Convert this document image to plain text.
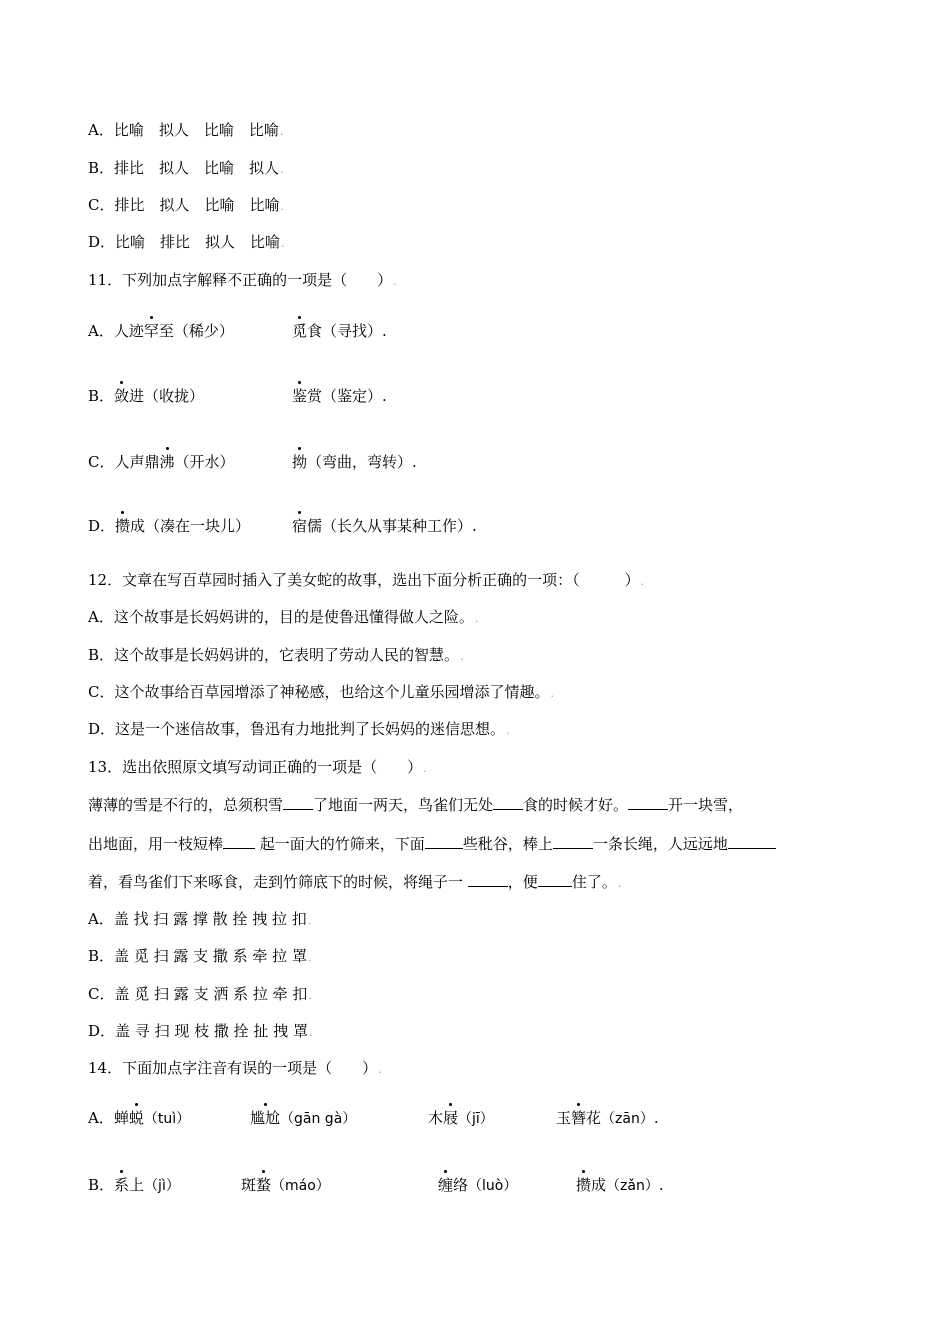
A．比喻　拟人　比喻　比喻.
B．排比　拟人　比喻　拟人.
C．排比　拟人　比喻　比喻.
D．比喻　排比　拟人　比喻.
11．下列加点字解释不正确的一项是（　　）.
A．人迹罕至（稀少）	觅食（寻找）.
B．敛进（收拢）	鉴赏（鉴定）.
C．人声鼎沸（开水）	拗（弯曲，弯转）.
D．攒成（凑在一块儿）	宿儒（长久从事某种工作）.
12．文章在写百草园时插入了美女蛇的故事，选出下面分析正确的一项：（　　　）.
A．这个故事是长妈妈讲的，目的是使鲁迅懂得做人之险。.
B．这个故事是长妈妈讲的，它表明了劳动人民的智慧。.
C．这个故事给百草园增添了神秘感，也给这个儿童乐园增添了情趣。.
D．这是一个迷信故事，鲁迅有力地批判了长妈妈的迷信思想。.
13．选出依照原文填写动词正确的一项是（　　）.
薄薄的雪是不行的，总须积雪 了地面一两天，鸟雀们无处 食的时候才好。	开一块雪，
出地面，用一枝短棒 起一面大的竹筛来，下面	些秕谷，棒上	一条长绳，人远远地
着，看鸟雀们下来啄食，走到竹筛底下的时候，将绳子一	，便 住了。.
A．盖 找 扫 露 撑 散 拴 拽 拉 扣.
B．盖 觅 扫 露 支 撒 系 牵 拉 罩.
C．盖 觅 扫 露 支 洒 系 拉 牵 扣.
D．盖 寻 扫 现 枝 撒 拴 扯 拽 罩.
14．下面加点字注音有误的一项是（　　）.
A．蝉蜕（tuì）	尴尬（gān gà）	木屐（jī）	玉簪花（zān）.
B．系上（jì）	斑蝥（máo）	缠络（luò）	攒成（zǎn）.
